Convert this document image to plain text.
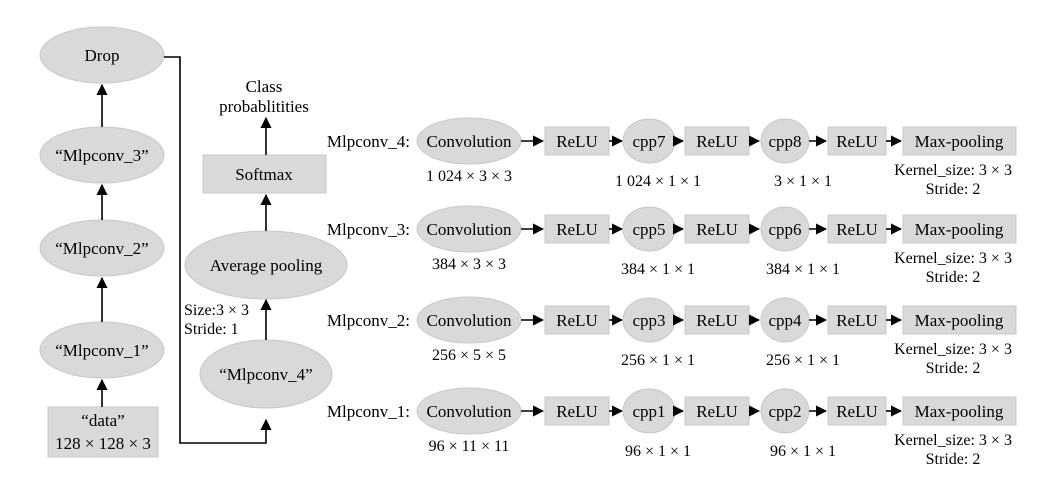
Drop
“Mlpconv_3”
“Mlpconv_2”
“Mlpconv_1”
“data”
128 × 128 × 3
Class
probablitities
Softmax
Average pooling
Size:3 × 3
Stride: 1
“Mlpconv_4”
Mlpconv_4: Convolution
1 024 × 3 × 3
ReLU cpp7
1 024 × 1 × 1
ReLU cpp8
3 × 1 × 1
ReLU Max-pooling
Kernel_size: 3 × 3
Stride: 2
Mlpconv_3: Convolution
384 × 3 × 3
ReLU cpp5
384 × 1 × 1
ReLU cpp6
384 × 1 × 1
ReLU Max-pooling
Kernel_size: 3 × 3
Stride: 2
Mlpconv_2: Convolution
256 × 5 × 5
ReLU cpp3
256 × 1 × 1
ReLU cpp4
256 × 1 × 1
ReLU Max-pooling
Kernel_size: 3 × 3
Stride: 2
Mlpconv_1: Convolution
96 × 11 × 11
ReLU cpp1
96 × 1 × 1
ReLU cpp2
96 × 1 × 1
ReLU Max-pooling
Kernel_size: 3 × 3
Stride: 2
